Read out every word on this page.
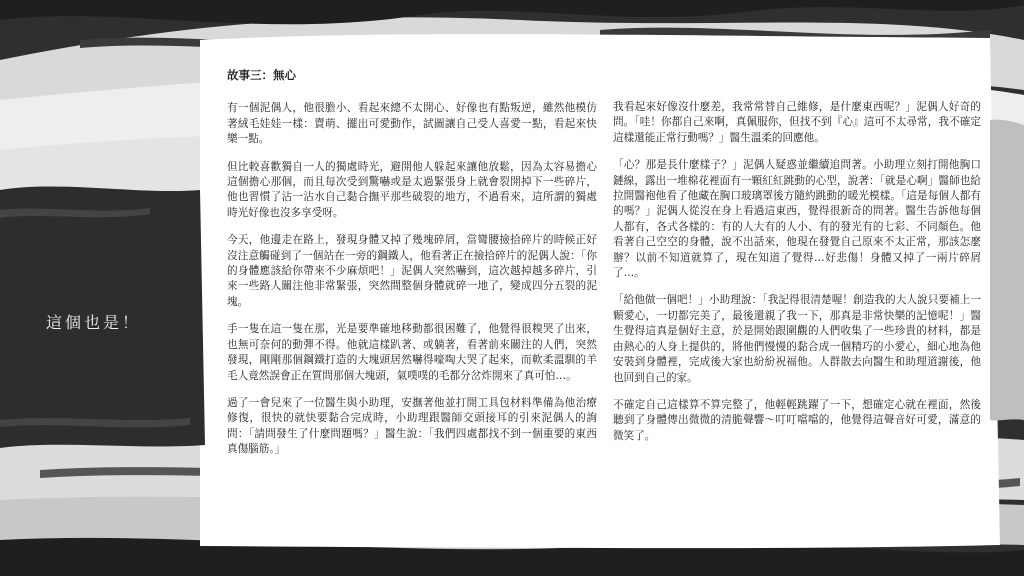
這個也是！
故事三：無心

有一個泥偶人，他很膽小、看起來總不太開心、好像也有點叛逆，雖然他模仿著絨毛娃娃一樣：賣萌、擺出可愛動作，試圖讓自己受人喜愛一點，看起來快樂一點。

但比較喜歡獨自一人的獨處時光，避開他人躲起來讓他放鬆，因為太容易擔心這個擔心那個，而且每次受到驚嚇或是太過緊張身上就會裂開掉下一些碎片，他也習慣了沾一沾水自己黏合撫平那些破裂的地方，不過看來，這所謂的獨處時光好像也沒多享受呀。

今天，他邊走在路上，發現身體又掉了幾塊碎屑，當彎腰撿拾碎片的時候正好沒注意觸碰到了一個站在一旁的鋼鐵人，他看著正在撿拾碎片的泥偶人說：「你的身體應該給你帶來不少麻煩吧！」泥偶人突然嚇到，這次越掉越多碎片，引來一些路人關注他非常緊張，突然間整個身體就碎一地了，變成四分五裂的泥塊。

手一隻在這一隻在那，光是要準確地移動都很困難了，他覺得很糗哭了出來，也無可奈何的動彈不得。他就這樣趴著、或躺著，看著前來關注的人們，突然發現，剛剛那個鋼鐵打造的大塊頭居然嚇得嚎啕大哭了起來，而軟柔溫馴的羊毛人竟然誤會正在質問那個大塊頭，氣噗噗的毛都分岔炸開來了真可怕…。

過了一會兒來了一位醫生與小助理，安撫著他並打開工具包材料準備為他治療修復，很快的就快要黏合完成時，小助理跟醫師交頭接耳的引來泥偶人的詢問：「請問發生了什麼問題嗎？」醫生說：「我們四處都找不到一個重要的東西真傷腦筋。」

我看起來好像沒什麼差，我常常替自己維修，是什麼東西呢？」泥偶人好奇的問。「哇！你都自己來啊，真佩服你，但找不到『心』這可不太尋常，我不確定這樣還能正常行動嗎？」醫生溫柔的回應他。

「心？那是長什麼樣子？」泥偶人疑惑並繼續追問著。小助理立刻打開他胸口鏈線，露出一堆棉花裡面有一顆紅紅跳動的心型，說著：「就是心啊」醫師也給拉開醫袍他看了他藏在胸口玻璃罩後方隨約跳動的暖光模樣。「這是每個人都有的嗎？」泥偶人從沒在身上看過這東西，覺得很新奇的問著。醫生告訴他每個人都有，各式各樣的：有的人大有的人小、有的發光有的七彩、不同顏色。他看著自己空空的身體，說不出話來，他現在發覺自己原來不太正常，那該怎麼辦？以前不知道就算了，現在知道了覺得…好悲傷！身體又掉了一兩片碎屑了…。

「給他做一個吧！」小助理說：「我記得很清楚喔！創造我的大人說只要補上一顆愛心，一切都完美了，最後還親了我一下，那真是非常快樂的記憶呢！」醫生覺得這真是個好主意，於是開始跟圍觀的人們收集了一些珍貴的材料，都是由熱心的人身上提供的，將他們慢慢的黏合成一個精巧的小愛心，細心地為他安裝到身體裡，完成後大家也紛紛祝福他。人群散去向醫生和助理道謝後，他也回到自己的家。

不確定自己這樣算不算完整了，他輕輕跳躍了一下，想確定心就在裡面，然後聽到了身體傳出微微的清脆聲響～叮叮噹噹的，他覺得這聲音好可愛，滿意的微笑了。
